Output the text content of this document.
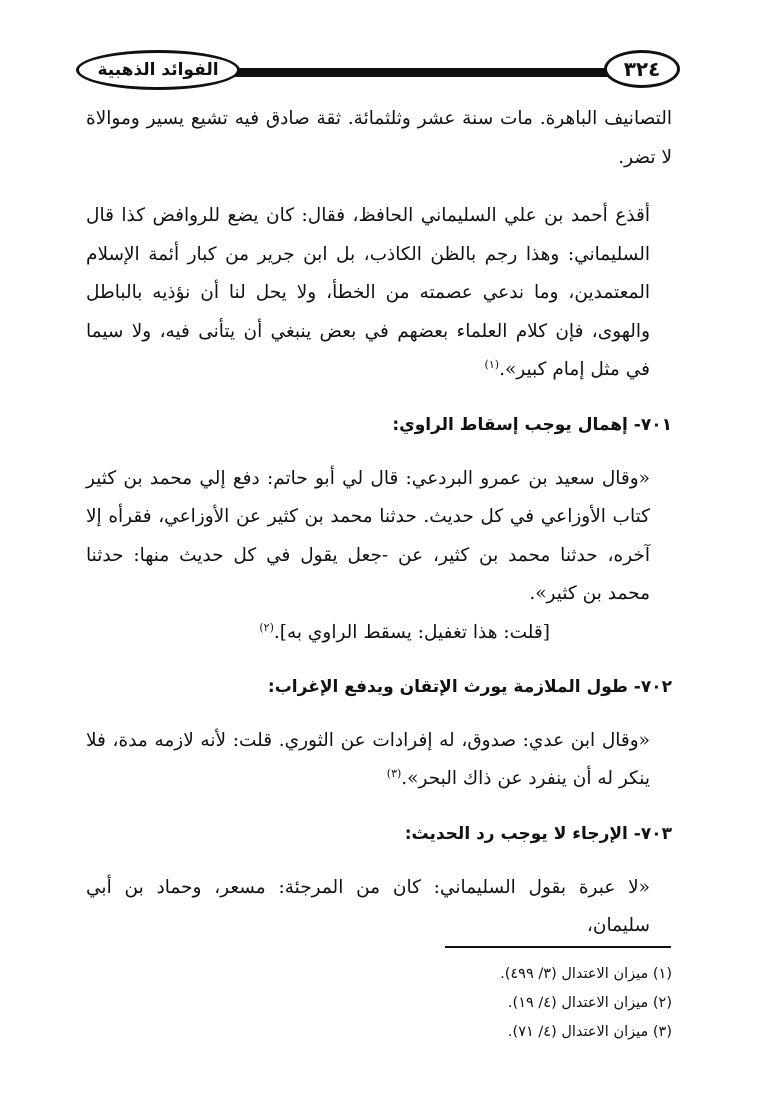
الفوائد الذهبية	٣٢٤

التصانيف الباهرة. مات سنة عشر وثلثمائة. ثقة صادق فيه تشيع يسير وموالاة لا تضر.

أقذع أحمد بن علي السليماني الحافظ، فقال: كان يضع للروافض كذا قال السليماني: وهذا رجم بالظن الكاذب، بل ابن جرير من كبار أئمة الإسلام المعتمدين، وما ندعي عصمته من الخطأ، ولا يحل لنا أن نؤذيه بالباطل والهوى، فإن كلام العلماء بعضهم في بعض ينبغي أن يتأنى فيه، ولا سيما في مثل إمام كبير».$^{(١)}$

٧٠١- إهمال يوجب إسقاط الراوي:

«وقال سعيد بن عمرو البردعي: قال لي أبو حاتم: دفع إلي محمد بن كثير كتاب الأوزاعي في كل حديث. حدثنا محمد بن كثير عن الأوزاعي، فقرأه إلا آخره، حدثنا محمد بن كثير، عن -جعل يقول في كل حديث منها: حدثنا محمد بن كثير».

[قلت: هذا تغفيل: يسقط الراوي به].$^{(٢)}$

٧٠٢- طول الملازمة يورث الإتقان ويدفع الإغراب:

«وقال ابن عدي: صدوق، له إفرادات عن الثوري. قلت: لأنه لازمه مدة، فلا ينكر له أن ينفرد عن ذاك البحر».$^{(٣)}$

٧٠٣- الإرجاء لا يوجب رد الحديث:

«لا عبرة بقول السليماني: كان من المرجئة: مسعر، وحماد بن أبي سليمان،

(١) ميزان الاعتدال (٣/ ٤٩٩).

(٢) ميزان الاعتدال (٤/ ١٩).

(٣) ميزان الاعتدال (٤/ ٧١).
